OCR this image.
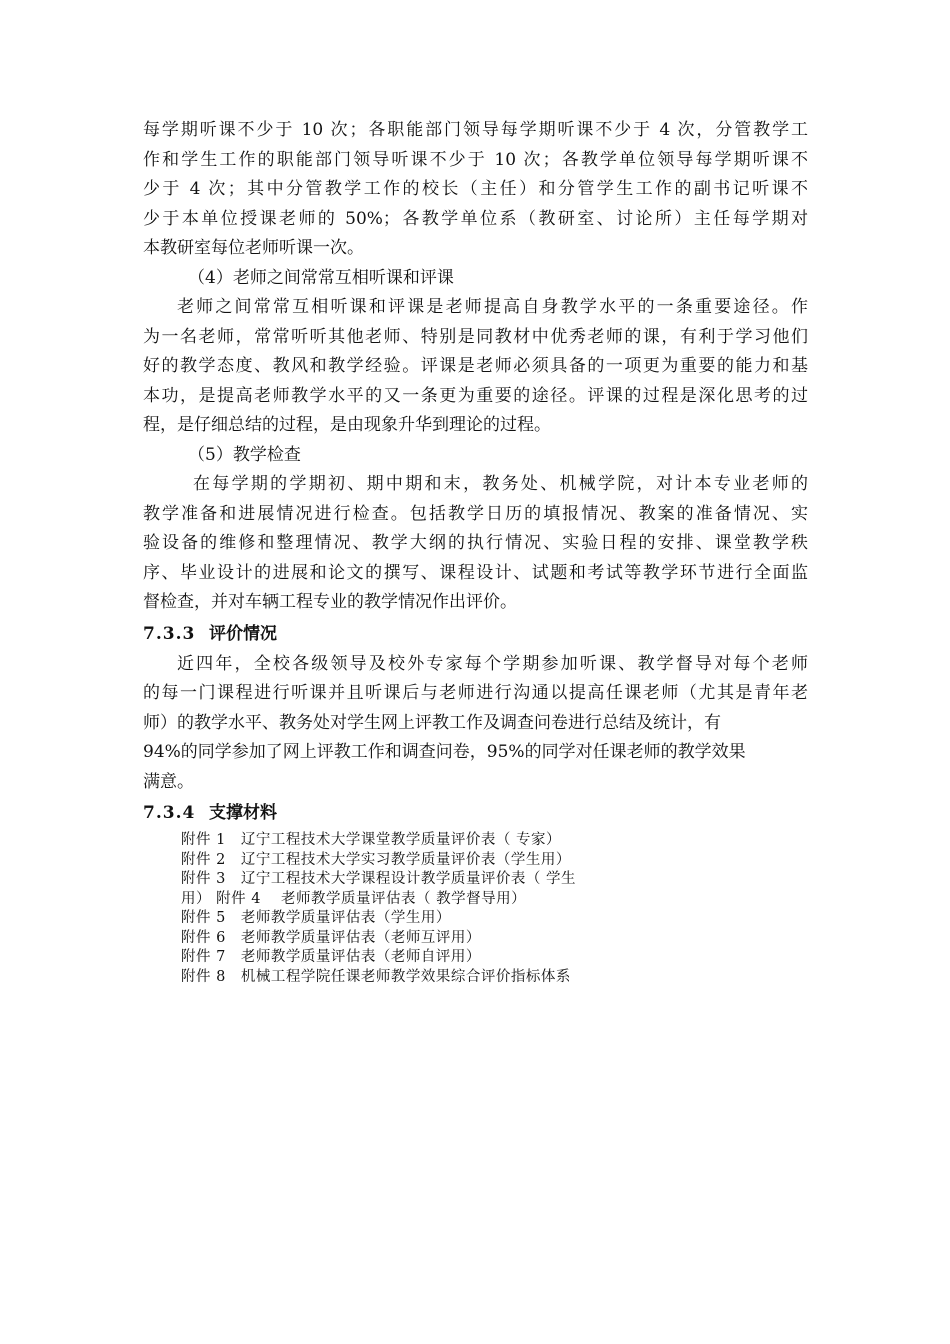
每学期听课不少于 10 次；各职能部门领导每学期听课不少于 4 次，分管教学工
作和学生工作的职能部门领导听课不少于 10 次；各教学单位领导每学期听课不
少于 4 次；其中分管教学工作的校长（主任）和分管学生工作的副书记听课不
少于本单位授课老师的 50%；各教学单位系（教研室、讨论所）主任每学期对
本教研室每位老师听课一次。
（4）老师之间常常互相听课和评课
老师之间常常互相听课和评课是老师提高自身教学水平的一条重要途径。作
为一名老师，常常听听其他老师、特别是同教材中优秀老师的课，有利于学习他们
好的教学态度、教风和教学经验。评课是老师必须具备的一项更为重要的能力和基
本功，是提高老师教学水平的又一条更为重要的途径。评课的过程是深化思考的过
程，是仔细总结的过程，是由现象升华到理论的过程。
（5）教学检查
在每学期的学期初、期中期和末，教务处、机械学院，对计本专业老师的
教学准备和进展情况进行检查。包括教学日历的填报情况、教案的准备情况、实
验设备的维修和整理情况、教学大纲的执行情况、实验日程的安排、课堂教学秩
序、毕业设计的进展和论文的撰写、课程设计、试题和考试等教学环节进行全面监
督检查，并对车辆工程专业的教学情况作出评价。
7.3.3 评价情况
近四年，全校各级领导及校外专家每个学期参加听课、教学督导对每个老师
的每一门课程进行听课并且听课后与老师进行沟通以提高任课老师（尤其是青年老
师）的教学水平、教务处对学生网上评教工作及调查问卷进行总结及统计，有
94%的同学参加了网上评教工作和调查问卷，95%的同学对任课老师的教学效果
满意。
7.3.4 支撑材料
附件 1　辽宁工程技术大学课堂教学质量评价表（ 专家）
附件 2　辽宁工程技术大学实习教学质量评价表（学生用）
附件 3　辽宁工程技术大学课程设计教学质量评价表（ 学生
用） 附件 4　 老师教学质量评估表（ 教学督导用）
附件 5　老师教学质量评估表（学生用）
附件 6　老师教学质量评估表（老师互评用）
附件 7　老师教学质量评估表（老师自评用）
附件 8　机械工程学院任课老师教学效果综合评价指标体系
